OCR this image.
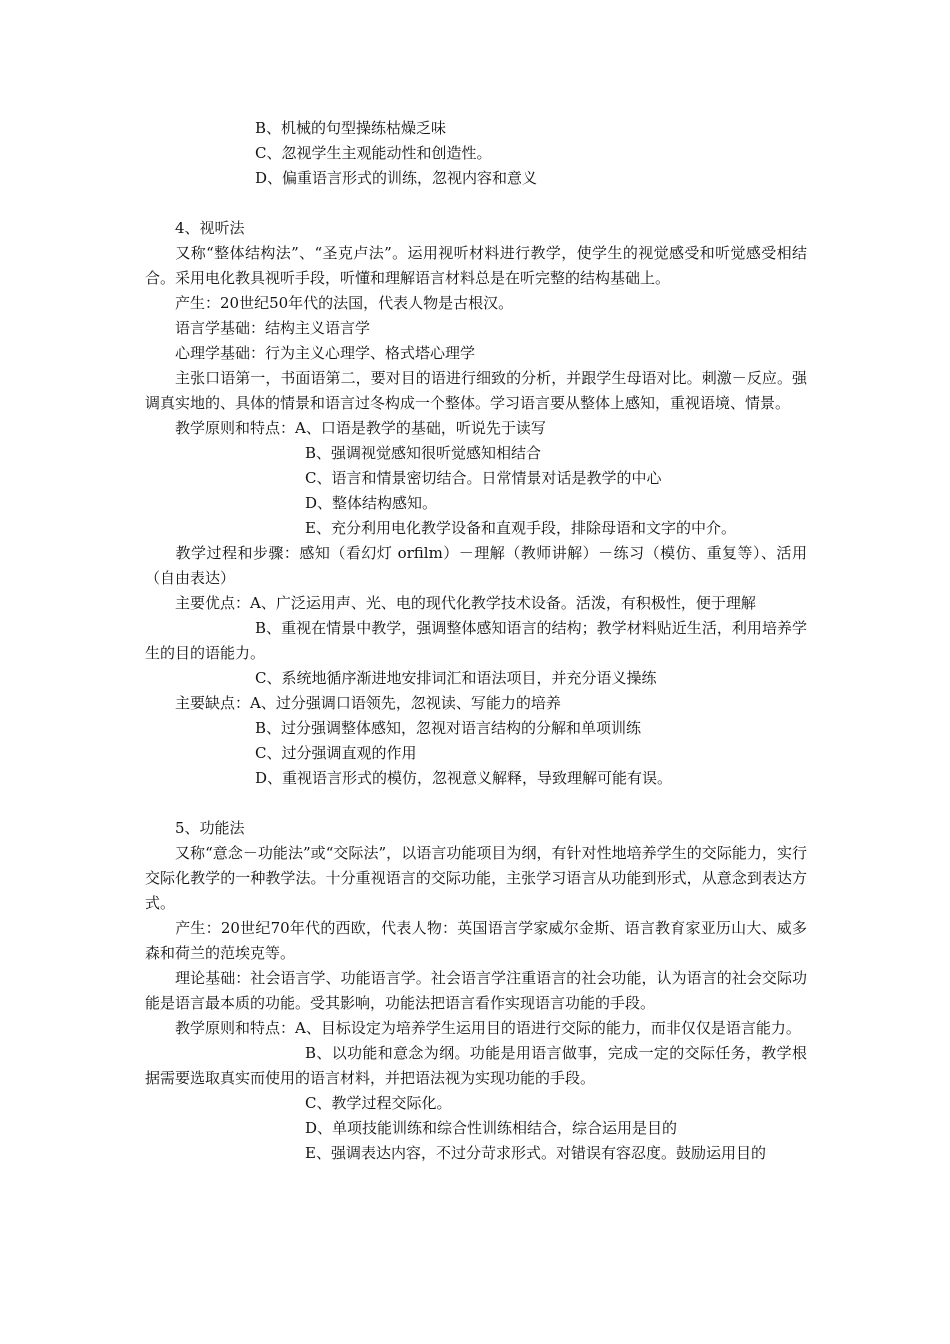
B、机械的句型操练枯燥乏味
C、忽视学生主观能动性和创造性。
D、偏重语言形式的训练，忽视内容和意义
4、视听法
又称“整体结构法”、“圣克卢法”。运用视听材料进行教学，使学生的视觉感受和听觉感受相结合。采用电化教具视听手段，听懂和理解语言材料总是在听完整的结构基础上。
产生：20世纪50年代的法国，代表人物是古根汉。
语言学基础：结构主义语言学
心理学基础：行为主义心理学、格式塔心理学
主张口语第一，书面语第二，要对目的语进行细致的分析，并跟学生母语对比。刺激－反应。强调真实地的、具体的情景和语言过冬构成一个整体。学习语言要从整体上感知，重视语境、情景。
教学原则和特点：A、口语是教学的基础，听说先于读写
B、强调视觉感知很听觉感知相结合
C、语言和情景密切结合。日常情景对话是教学的中心
D、整体结构感知。
E、充分利用电化教学设备和直观手段，排除母语和文字的中介。
教学过程和步骤：感知（看幻灯 orfilm）－理解（教师讲解）－练习（模仿、重复等）、活用（自由表达）
主要优点：A、广泛运用声、光、电的现代化教学技术设备。活泼，有积极性，便于理解
B、重视在情景中教学，强调整体感知语言的结构；教学材料贴近生活，利用培养学生的目的语能力。
C、系统地循序渐进地安排词汇和语法项目，并充分语义操练
主要缺点：A、过分强调口语领先，忽视读、写能力的培养
B、过分强调整体感知，忽视对语言结构的分解和单项训练
C、过分强调直观的作用
D、重视语言形式的模仿，忽视意义解释，导致理解可能有误。
5、功能法
又称“意念－功能法”或“交际法”，以语言功能项目为纲，有针对性地培养学生的交际能力，实行交际化教学的一种教学法。十分重视语言的交际功能，主张学习语言从功能到形式，从意念到表达方式。
产生：20世纪70年代的西欧，代表人物：英国语言学家威尔金斯、语言教育家亚历山大、威多森和荷兰的范埃克等。
理论基础：社会语言学、功能语言学。社会语言学注重语言的社会功能，认为语言的社会交际功能是语言最本质的功能。受其影响，功能法把语言看作实现语言功能的手段。
教学原则和特点：A、目标设定为培养学生运用目的语进行交际的能力，而非仅仅是语言能力。
B、以功能和意念为纲。功能是用语言做事，完成一定的交际任务，教学根据需要选取真实而使用的语言材料，并把语法视为实现功能的手段。
C、教学过程交际化。
D、单项技能训练和综合性训练相结合，综合运用是目的
E、强调表达内容，不过分苛求形式。对错误有容忍度。鼓励运用目的
